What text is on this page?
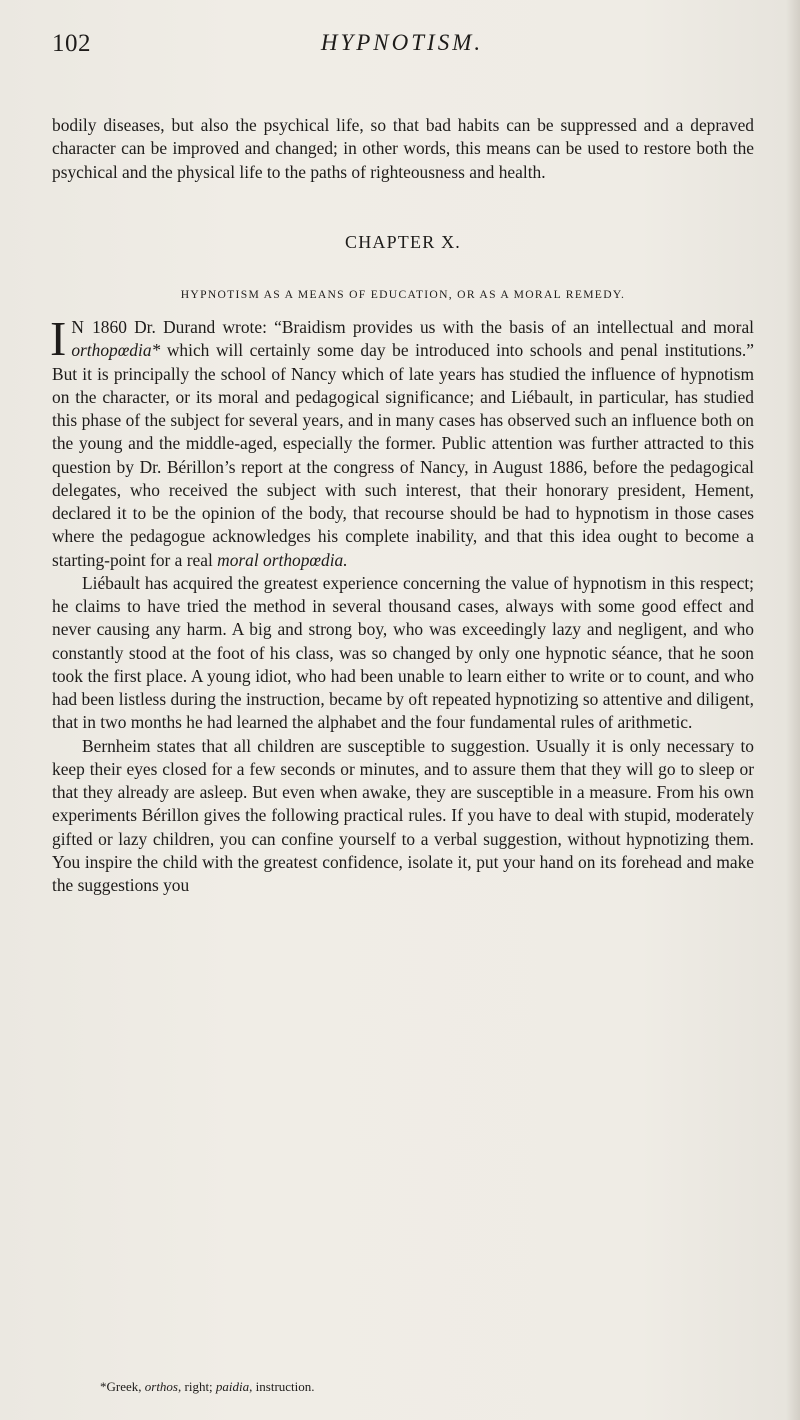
102	HYPNOTISM.

bodily diseases, but also the psychical life, so that bad habits can be suppressed and a depraved character can be improved and changed; in other words, this means can be used to restore both the psychical and the physical life to the paths of righteousness and health.

CHAPTER X.
HYPNOTISM AS A MEANS OF EDUCATION, OR AS A MORAL REMEDY.

I N 1860 Dr. Durand wrote: “Braidism provides us with the basis of an intellectual and moral orthopœdia* which will certainly some day be introduced into schools and penal institutions.” But it is principally the school of Nancy which of late years has studied the influence of hypnotism on the character, or its moral and pedagogical significance; and Liébault, in particular, has studied this phase of the subject for several years, and in many cases has observed such an influence both on the young and the middle-aged, especially the former. Public attention was further attracted to this question by Dr. Bérillon’s report at the congress of Nancy, in August 1886, before the pedagogical delegates, who received the subject with such interest, that their honorary president, Hement, declared it to be the opinion of the body, that recourse should be had to hypnotism in those cases where the pedagogue acknowledges his complete inability, and that this idea ought to become a starting-point for a real moral orthopœdia.

Liébault has acquired the greatest experience concerning the value of hypnotism in this respect; he claims to have tried the method in several thousand cases, always with some good effect and never causing any harm. A big and strong boy, who was exceedingly lazy and negligent, and who constantly stood at the foot of his class, was so changed by only one hypnotic séance, that he soon took the first place. A young idiot, who had been unable to learn either to write or to count, and who had been listless during the instruction, became by oft repeated hypnotizing so attentive and diligent, that in two months he had learned the alphabet and the four fundamental rules of arithmetic.

Bernheim states that all children are susceptible to suggestion. Usually it is only necessary to keep their eyes closed for a few seconds or minutes, and to assure them that they will go to sleep or that they already are asleep. But even when awake, they are susceptible in a measure. From his own experiments Bérillon gives the following practical rules. If you have to deal with stupid, moderately gifted or lazy children, you can confine yourself to a verbal suggestion, without hypnotizing them. You inspire the child with the greatest confidence, isolate it, put your hand on its forehead and make the suggestions you

*Greek, orthos, right; paidia, instruction.
